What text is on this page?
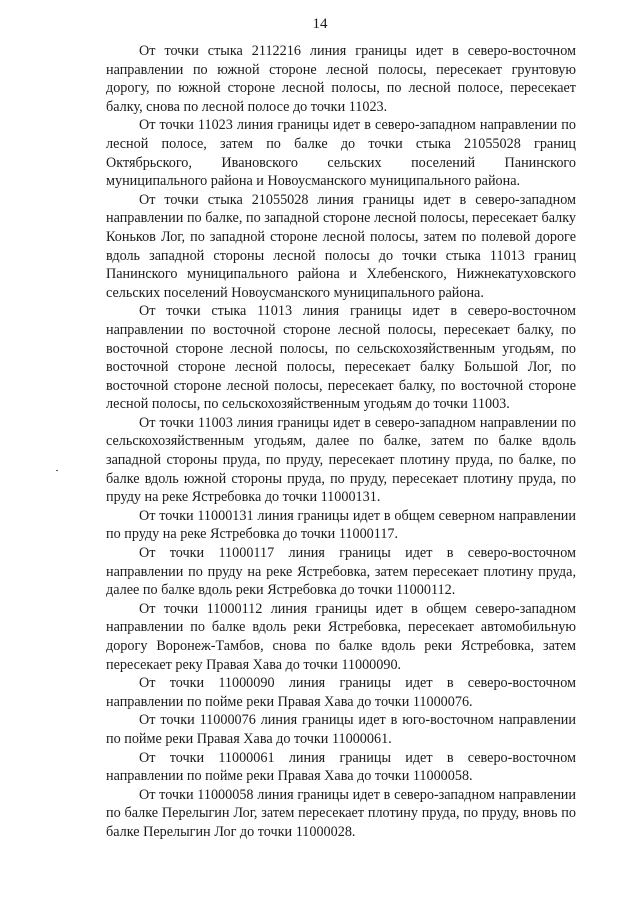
14

От точки стыка 2112216 линия границы идет в северо-восточном направлении по южной стороне лесной полосы, пересекает грунтовую дорогу, по южной стороне лесной полосы, по лесной полосе, пересекает балку, снова по лесной полосе до точки 11023.

От точки 11023 линия границы идет в северо-западном направлении по лесной полосе, затем по балке до точки стыка 21055028 границ Октябрьского, Ивановского сельских поселений Панинского муниципального района и Новоусманского муниципального района.

От точки стыка 21055028 линия границы идет в северо-западном направлении по балке, по западной стороне лесной полосы, пересекает балку Коньков Лог, по западной стороне лесной полосы, затем по полевой дороге вдоль западной стороны лесной полосы до точки стыка 11013 границ Панинского муниципального района и Хлебенского, Нижнекатуховского сельских поселений Новоусманского муниципального района.

От точки стыка 11013 линия границы идет в северо-восточном направлении по восточной стороне лесной полосы, пересекает балку, по восточной стороне лесной полосы, по сельскохозяйственным угодьям, по восточной стороне лесной полосы, пересекает балку Большой Лог, по восточной стороне лесной полосы, пересекает балку, по восточной стороне лесной полосы, по сельскохозяйственным угодьям до точки 11003.

От точки 11003 линия границы идет в северо-западном направлении по сельскохозяйственным угодьям, далее по балке, затем по балке вдоль западной стороны пруда, по пруду, пересекает плотину пруда, по балке, по балке вдоль южной стороны пруда, по пруду, пересекает плотину пруда, по пруду на реке Ястребовка до точки 11000131.

От точки 11000131 линия границы идет в общем северном направлении по пруду на реке Ястребовка до точки 11000117.

От точки 11000117 линия границы идет в северо-восточном направлении по пруду на реке Ястребовка, затем пересекает плотину пруда, далее по балке вдоль реки Ястребовка до точки 11000112.

От точки 11000112 линия границы идет в общем северо-западном направлении по балке вдоль реки Ястребовка, пересекает автомобильную дорогу Воронеж-Тамбов, снова по балке вдоль реки Ястребовка, затем пересекает реку Правая Хава до точки 11000090.

От точки 11000090 линия границы идет в северо-восточном направлении по пойме реки Правая Хава до точки 11000076.

От точки 11000076 линия границы идет в юго-восточном направлении по пойме реки Правая Хава до точки 11000061.

От точки 11000061 линия границы идет в северо-восточном направлении по пойме реки Правая Хава до точки 11000058.

От точки 11000058 линия границы идет в северо-западном направлении по балке Перелыгин Лог, затем пересекает плотину пруда, по пруду, вновь по балке Перелыгин Лог до точки 11000028.
